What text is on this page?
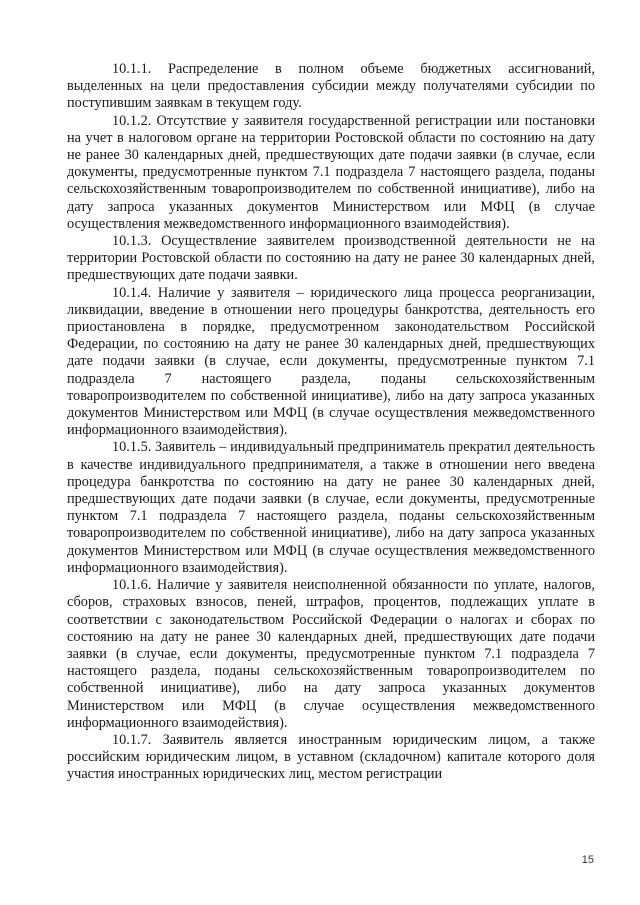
10.1.1. Распределение в полном объеме бюджетных ассигнований, выделенных на цели предоставления субсидии между получателями субсидии по поступившим заявкам в текущем году.

10.1.2. Отсутствие у заявителя государственной регистрации или постановки на учет в налоговом органе на территории Ростовской области по состоянию на дату не ранее 30 календарных дней, предшествующих дате подачи заявки (в случае, если документы, предусмотренные пунктом 7.1 подраздела 7 настоящего раздела, поданы сельскохозяйственным товаропроизводителем по собственной инициативе), либо на дату запроса указанных документов Министерством или МФЦ (в случае осуществления межведомственного информационного взаимодействия).

10.1.3. Осуществление заявителем производственной деятельности не на территории Ростовской области по состоянию на дату не ранее 30 календарных дней, предшествующих дате подачи заявки.

10.1.4. Наличие у заявителя – юридического лица процесса реорганизации, ликвидации, введение в отношении него процедуры банкротства, деятельность его приостановлена в порядке, предусмотренном законодательством Российской Федерации, по состоянию на дату не ранее 30 календарных дней, предшествующих дате подачи заявки (в случае, если документы, предусмотренные пунктом 7.1 подраздела 7 настоящего раздела, поданы сельскохозяйственным товаропроизводителем по собственной инициативе), либо на дату запроса указанных документов Министерством или МФЦ (в случае осуществления межведомственного информационного взаимодействия).

10.1.5. Заявитель – индивидуальный предприниматель прекратил деятельность в качестве индивидуального предпринимателя, а также в отношении него введена процедура банкротства по состоянию на дату не ранее 30 календарных дней, предшествующих дате подачи заявки (в случае, если документы, предусмотренные пунктом 7.1 подраздела 7 настоящего раздела, поданы сельскохозяйственным товаропроизводителем по собственной инициативе), либо на дату запроса указанных документов Министерством или МФЦ (в случае осуществления межведомственного информационного взаимодействия).

10.1.6. Наличие у заявителя неисполненной обязанности по уплате, налогов, сборов, страховых взносов, пеней, штрафов, процентов, подлежащих уплате в соответствии с законодательством Российской Федерации о налогах и сборах по состоянию на дату не ранее 30 календарных дней, предшествующих дате подачи заявки (в случае, если документы, предусмотренные пунктом 7.1 подраздела 7 настоящего раздела, поданы сельскохозяйственным товаропроизводителем по собственной инициативе), либо на дату запроса указанных документов Министерством или МФЦ (в случае осуществления межведомственного информационного взаимодействия).

10.1.7. Заявитель является иностранным юридическим лицом, а также российским юридическим лицом, в уставном (складочном) капитале которого доля участия иностранных юридических лиц, местом регистрации

15
